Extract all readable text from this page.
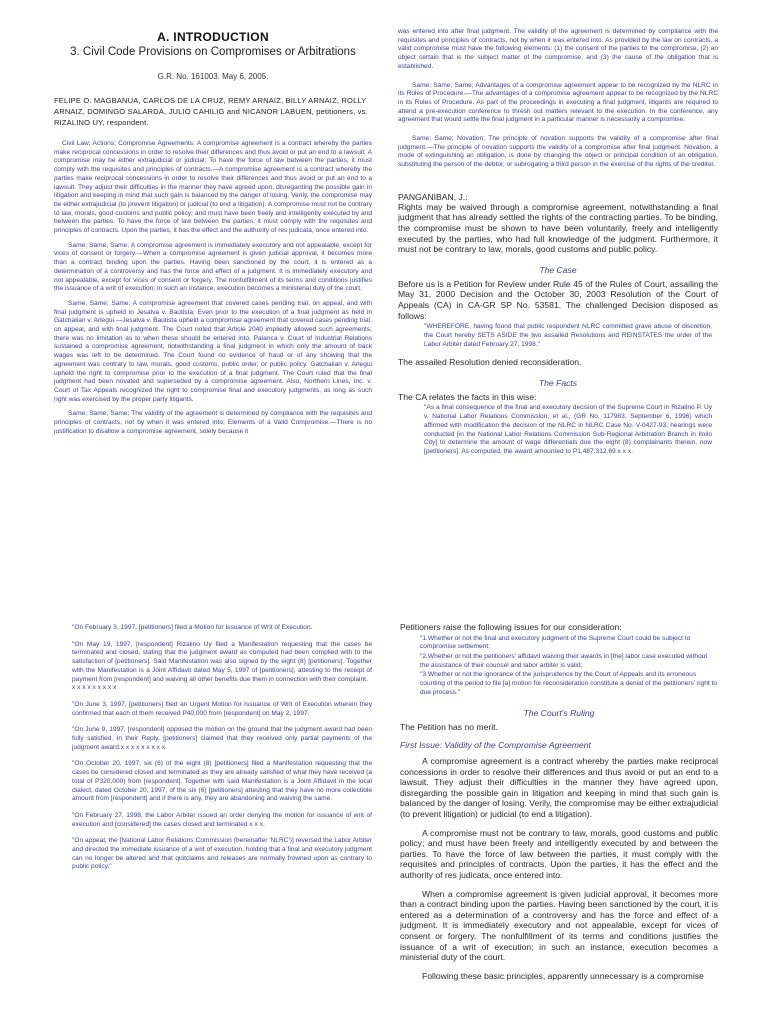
A. INTRODUCTION
3. Civil Code Provisions on Compromises or Arbitrations
G.R. No. 161003. May 6, 2005.
FELIPE O. MAGBANUA, CARLOS DE LA CRUZ, REMY ARNAIZ, BILLY ARNAIZ, ROLLY ARNAIZ, DOMINGO SALARDA, JULIO CAHILIG and NICANOR LABUEN, petitioners, vs. RIZALINO UY, respondent.

Civil Law; Actions; Compromise Agreements; A compromise agreement is a contract whereby the parties make reciprocal concessions in order to resolve their differences and thus avoid or put an end to a lawsuit; A compromise may be either extrajudicial or judicial; To have the force of law between the parties, it must comply with the requisites and principles of contracts.—A compromise agreement is a contract whereby the parties make reciprocal concessions in order to resolve their differences and thus avoid or put an end to a lawsuit. They adjust their difficulties in the manner they have agreed upon, disregarding the possible gain in litigation and keeping in mind that such gain is balanced by the danger of losing. Verily, the compromise may be either extrajudicial (to prevent litigation) or judicial (to end a litigation). A compromise must not be contrary to law, morals, good customs and public policy; and must have been freely and intelligently executed by and between the parties. To have the force of law between the parties, it must comply with the requisites and principles of contracts. Upon the parties, it has the effect and the authority of res judicata, once entered into.

Same; Same; Same; A compromise agreement is immediately executory and not appealable, except for vices of consent or forgery.—When a compromise agreement is given judicial approval, it becomes more than a contract binding upon the parties. Having been sanctioned by the court, it is entered as a determination of a controversy and has the force and effect of a judgment. It is immediately executory and not appealable, except for vices of consent or forgery. The nonfulfillment of its terms and conditions justifies the issuance of a writ of execution; in such an instance, execution becomes a ministerial duty of the court.

Same; Same; Same; A compromise agreement that covered cases pending trial, on appeal, and with final judgment is upheld in Jesalva v. Bautista; Even prior to the execution of a final judgment as held in Gatchalian v. Arlegui.—Jesalva v. Bautista upheld a compromise agreement that covered cases pending trial, on appeal, and with final judgment. The Court noted that Article 2040 impliedly allowed such agreements; there was no limitation as to when these should be entered into. Palanca v. Court of Industrial Relations sustained a compromise agreement, notwithstanding a final judgment in which only the amount of back wages was left to be determined. The Court found no evidence of fraud or of any showing that the agreement was contrary to law, morals, good customs, public order, or public policy. Gatchalian v. Arlegui upheld the right to compromise prior to the execution of a final judgment. The Court ruled that the final judgment had been novated and superseded by a compromise agreement. Also, Northern Lines, Inc. v. Court of Tax Appeals recognized the right to compromise final and executory judgments, as long as such right was exercised by the proper party litigants.

Same; Same; Same; The validity of the agreement is determined by compliance with the requisites and principles of contracts, not by when it was entered into; Elements of a Valid Compromise.—There is no justification to disallow a compromise agreement, solely because it

was entered into after final judgment. The validity of the agreement is determined by compliance with the requisites and principles of contracts, not by when it was entered into. As provided by the law on contracts, a valid compromise must have the following elements: (1) the consent of the parties to the compromise, (2) an object certain that is the subject matter of the compromise, and (3) the cause of the obligation that is established.

Same; Same; Same; Advantages of a compromise agreement appear to be recognized by the NLRC in its Rules of Procedure.—The advantages of a compromise agreement appear to be recognized by the NLRC in its Rules of Procedure. As part of the proceedings in executing a final judgment, litigants are required to attend a pre-execution conference to thresh out matters relevant to the execution. In the conference, any agreement that would settle the final judgment in a particular manner is necessarily a compromise.

Same; Same; Novation; The principle of novation supports the validity of a compromise after final judgment.—The principle of novation supports the validity of a compromise after final judgment. Novation, a mode of extinguishing an obligation, is done by changing the object or principal condition of an obligation, substituting the person of the debtor, or subrogating a third person in the exercise of the rights of the creditor.

PANGANIBAN, J.:

Rights may be waived through a compromise agreement, notwithstanding a final judgment that has already settled the rights of the contracting parties. To be binding, the compromise must be shown to have been voluntarily, freely and intelligently executed by the parties, who had full knowledge of the judgment. Furthermore, it must not be contrary to law, morals, good customs and public policy.

The Case

Before us is a Petition for Review under Rule 45 of the Rules of Court, assailing the May 31, 2000 Decision and the October 30, 2003 Resolution of the Court of Appeals (CA) in CA-GR SP No. 53581. The challenged Decision disposed as follows:

"WHEREFORE, having found that public respondent NLRC committed grave abuse of discretion, the Court hereby SETS ASIDE the two assailed Resolutions and REINSTATES the order of the Labor Arbiter dated February 27, 1998."

The assailed Resolution denied reconsideration.

The Facts

The CA relates the facts in this wise:

"As a final consequence of the final and executory decision of the Supreme Court in Rizalino P. Uy v. National Labor Relations Commission, et al., (GR No. 117983, September 6, 1996) which affirmed with modification the decision of the NLRC in NLRC Case No. V-0427-93, hearings were conducted [in the National Labor Relations Commission Sub-Regional Arbitration Branch in Iloilo City] to determine the amount of wage differentials due the eight (8) complainants therein, now [petitioners]. As computed, the award amounted to P1,487,312.69 x x x.

"On February 3, 1997, [petitioners] filed a Motion for Issuance of Writ of Execution.

"On May 19, 1997, [respondent] Rizalino Uy filed a Manifestation requesting that the cases be terminated and closed, stating that the judgment award as computed had been complied with to the satisfaction of [petitioners]. Said Manifestation was also signed by the eight (8) [petitioners]. Together with the Manifestation is a Joint Affidavit dated May 5, 1997 of [petitioners], attesting to the receipt of payment from [respondent] and waiving all other benefits due them in connection with their complaint.
x x x x x x x x x

"On June 3, 1997, [petitioners] filed an Urgent Motion for Issuance of Writ of Execution wherein they confirmed that each of them received P40,000 from [respondent] on May 2, 1997.

"On June 9, 1997, [respondent] opposed the motion on the ground that the judgment award had been fully satisfied. In their Reply, [petitioners] claimed that they received only partial payments of the judgment award.x x x x x x x x x

"On October 20, 1997, six (6) of the eight (8) [petitioners] filed a Manifestation requesting that the cases be considered closed and terminated as they are already satisfied of what they have received (a total of P320,000) from [respondent]. Together with said Manifestation is a Joint Affidavit in the local dialect, dated October 20, 1997, of the six (6) [petitioners] attesting that they have no more collectible amount from [respondent] and if there is any, they are abandoning and waiving the same.

"On February 27, 1998, the Labor Arbiter issued an order denying the motion for issuance of writ of execution and [considered] the cases closed and terminated x x x.

"On appeal, the [National Labor Relations Commission (hereinafter 'NLRC')] reversed the Labor Arbiter and directed the immediate issuance of a writ of execution, holding that a final and executory judgment can no longer be altered and that quitclaims and releases are normally frowned upon as contrary to public policy."

Petitioners raise the following issues for our consideration:

"1.Whether or not the final and executory judgment of the Supreme Court could be subject to compromise settlement;
"2.Whether or not the petitioners' affidavit waiving their awards in [the] labor case executed without the assistance of their counsel and labor arbiter is valid;
"3.Whether or not the ignorance of the jurisprudence by the Court of Appeals and its erroneous counting of the period to file [a] motion for reconsideration constitute a denial of the petitioners' right to due process."
The Court's Ruling

The Petition has no merit.

First Issue: Validity of the Compromise Agreement

A compromise agreement is a contract whereby the parties make reciprocal concessions in order to resolve their differences and thus avoid or put an end to a lawsuit. They adjust their difficulties in the manner they have agreed upon, disregarding the possible gain in litigation and keeping in mind that such gain is balanced by the danger of losing. Verily, the compromise may be either extrajudicial (to prevent litigation) or judicial (to end a litigation).

A compromise must not be contrary to law, morals, good customs and public policy; and must have been freely and intelligently executed by and between the parties. To have the force of law between the parties, it must comply with the requisites and principles of contracts. Upon the parties, it has the effect and the authority of res judicata, once entered into.

When a compromise agreement is given judicial approval, it becomes more than a contract binding upon the parties. Having been sanctioned by the court, it is entered as a determination of a controversy and has the force and effect of a judgment. It is immediately executory and not appealable, except for vices of consent or forgery. The nonfulfillment of its terms and conditions justifies the issuance of a writ of execution; in such an instance, execution becomes a ministerial duty of the court.

Following these basic principles, apparently unnecessary is a compromise
